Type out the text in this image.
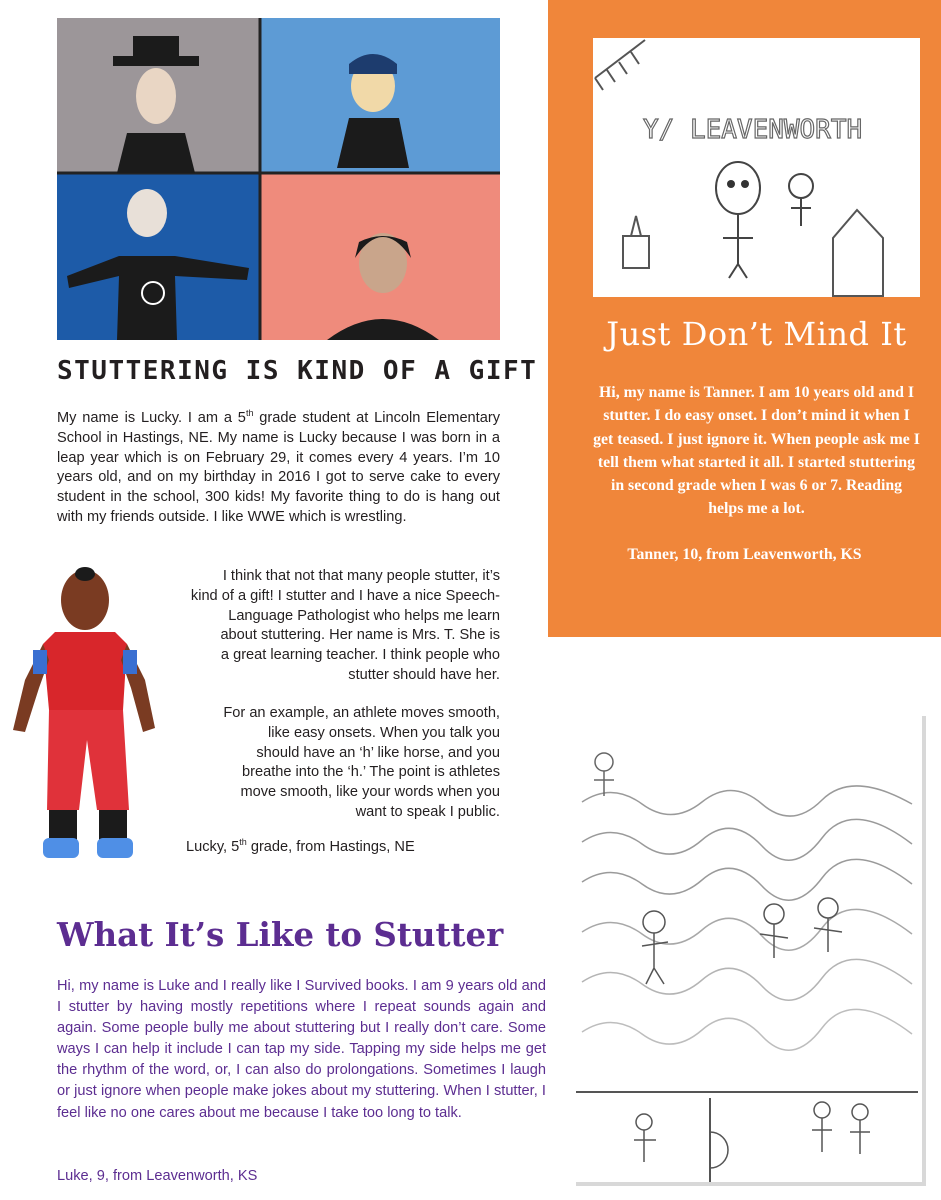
STUTTERING IS KIND OF A GIFT

My name is Lucky. I am a 5th grade student at Lincoln Elementary School in Hastings, NE. My name is Lucky because I was born in a leap year which is on February 29, it comes every 4 years. I’m 10 years old, and on my birthday in 2016 I got to serve cake to every student in the school, 300 kids! My favorite thing to do is hang out with my friends outside. I like WWE which is wrestling.

I think that not that many people stutter, it’s
kind of a gift! I stutter and I have a nice Speech-
Language Pathologist who helps me learn
about stuttering. Her name is Mrs. T. She is
a great learning teacher. I think people who
stutter should have her.

For an example, an athlete moves smooth,
like easy onsets. When you talk you
should have an ‘h’ like horse, and you
breathe into the ‘h.’ The point is athletes
move smooth, like your words when you
want to speak I public.

Lucky, 5th grade, from Hastings, NE
Y/ LEAVENWORTH
Just Don’t Mind It

Hi, my name is Tanner. I am 10 years old and I stutter. I do easy onset. I don’t mind it when I get teased. I just ignore it. When people ask me I tell them what started it all. I started stuttering in second grade when I was 6 or 7. Reading helps me a lot.

Tanner, 10, from Leavenworth, KS
What It’s Like to Stutter

Hi, my name is Luke and I really like I Survived books. I am 9 years old and I stutter by having mostly repetitions where I repeat sounds again and again. Some people bully me about stuttering but I really don’t care. Some ways I can help it include I can tap my side. Tapping my side helps me get the rhythm of the word, or, I can also do prolongations. Sometimes I laugh or just ignore when people make jokes about my stuttering. When I stutter, I feel like no one cares about me because I take too long to talk.

Luke, 9, from Leavenworth, KS
